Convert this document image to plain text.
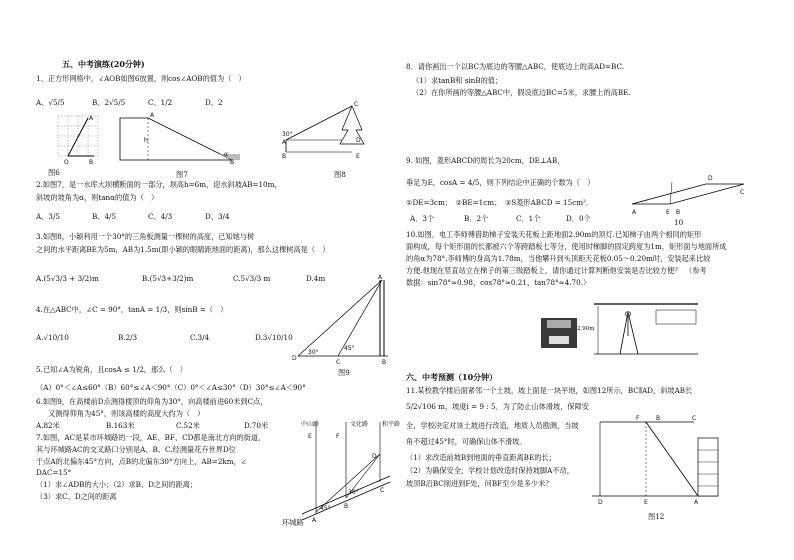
五、中考演练(20分钟)
1、正方形网格中，∠AOB如图6放置，则cos∠AOB的值为（　）
A、√5/5	B、2√5/5	C、1/2	D、2
O	B
A
图6
h
α
B
A
图7
30°
A
B
C
D
E
图8
2.如图7，是一水库大坝横断面的一部分，坝高h=6m，迎水斜坡AB=10m，
斜坡的坡角为α，则tanα的值为（　）
A、3/5	B、4/5	C、4/3	D、3/4
3.如图8，小颖利用一个30°的三角板测量一棵树的高度，已知她与树
之间的水平距离BE为5m，AB为1.5m(即小颖的眼睛距地面的距离)，那么这棵树高是（　）
A.(5√3/3 + 3/2)m	B.(5√3+3/2)m	C.5√3/3 m	D.4m
4.在△ABC中，∠C = 90°，tanA = 1/3，则sinB =（　）
A.√10/10	B.2/3	C.3/4	D.3√10/10
A
D
C	B
30°
45°
图9
5.已知∠A为锐角，且cosA ≤ 1/2，那么（　）
（A）0°＜∠A≤60°（B）60°≤∠A＜90°（C）0°＜∠A≤30°（D）30°≤∠A＜90°
6.如图9，在高楼前D点测得楼顶的仰角为30°，向高楼前进60米到C点，
又测得仰角为45°，则该高楼的高度大约为（　）
A.82米	B.163米	C.52米	D.70米
7.如图，AC是某市环城路的一段，AE、BF、CD都是南北方向的街道，
其与环城路AC的交叉路口分别是A、B、C.经测量花卉世界D位
于点A的北偏东45°方向，点B的北偏东30°方向上，AB=2km，∠
DAC=15°
（1）求∠ADB的大小；（2）求B、D之间的距离；
（3）求C、D之间的距离
E	F
D
A
B
C
45°
30°
中山路	文化路 和平路
环城路
8．请你画出一个以BC为底边的等腰△ABC，使底边上的高AD=BC.
（1）求tanB和 sinB的值；
（2）在你所画的等腰△ABC中，假设底边BC=5米，求腰上的高BE.
9. 如图，菱形ABCD的周长为20cm，DE⊥AB，
垂足为E，cosA = 4/5，则下列结论中正确的个数为（　）
①DE=3cm；　②BE=1cm；　③S菱形ABCD = 15cm²．
A．3个	B．2个	C．1个	D．0个
A	E B
D
C
10
10.如图，电工李师傅借助梯子安装天花板上距地面2.90m的顶灯.已知梯子由两个相同的矩形
面构成，每个矩形面的长都被六个等跨踏板七等分，使用时梯脚的固定跨度为1m，矩形面与地面所成
的角α为78°.李师傅的身高为1.78m，当他攀升到头顶距天花板0.05～0.20m时，安装起来比较
方便.他现在竖直站立在梯子的第三级踏板上，请你通过计算判断他安装是否比较方便？　（参考
数据：sin78°≈0.98，cos78°≈0.21，tan78°≈4.70.）
2.90m
六、中考预测（10分钟）
11.某校教学楼后面紧邻一个土坡，坡上面是一块平地，如图12所示，BC∥AD，斜坡AB长
5/2√106 m，坡度i = 9 : 5．为了防止山体滑坡，保障安
全，学校决定对该土坡进行改造，地质人员勘测，当坡
角不超过45°时，可确保山体不滑坡。
（1）求改造前坡B到地面的垂直距离BE的长；
（2）为确保安全，学校计划改造时保持坡脚A不动，
坡顶B沿BC削进到F处，问BF至少是多少米？
F	B	C
D	E	A
图12
